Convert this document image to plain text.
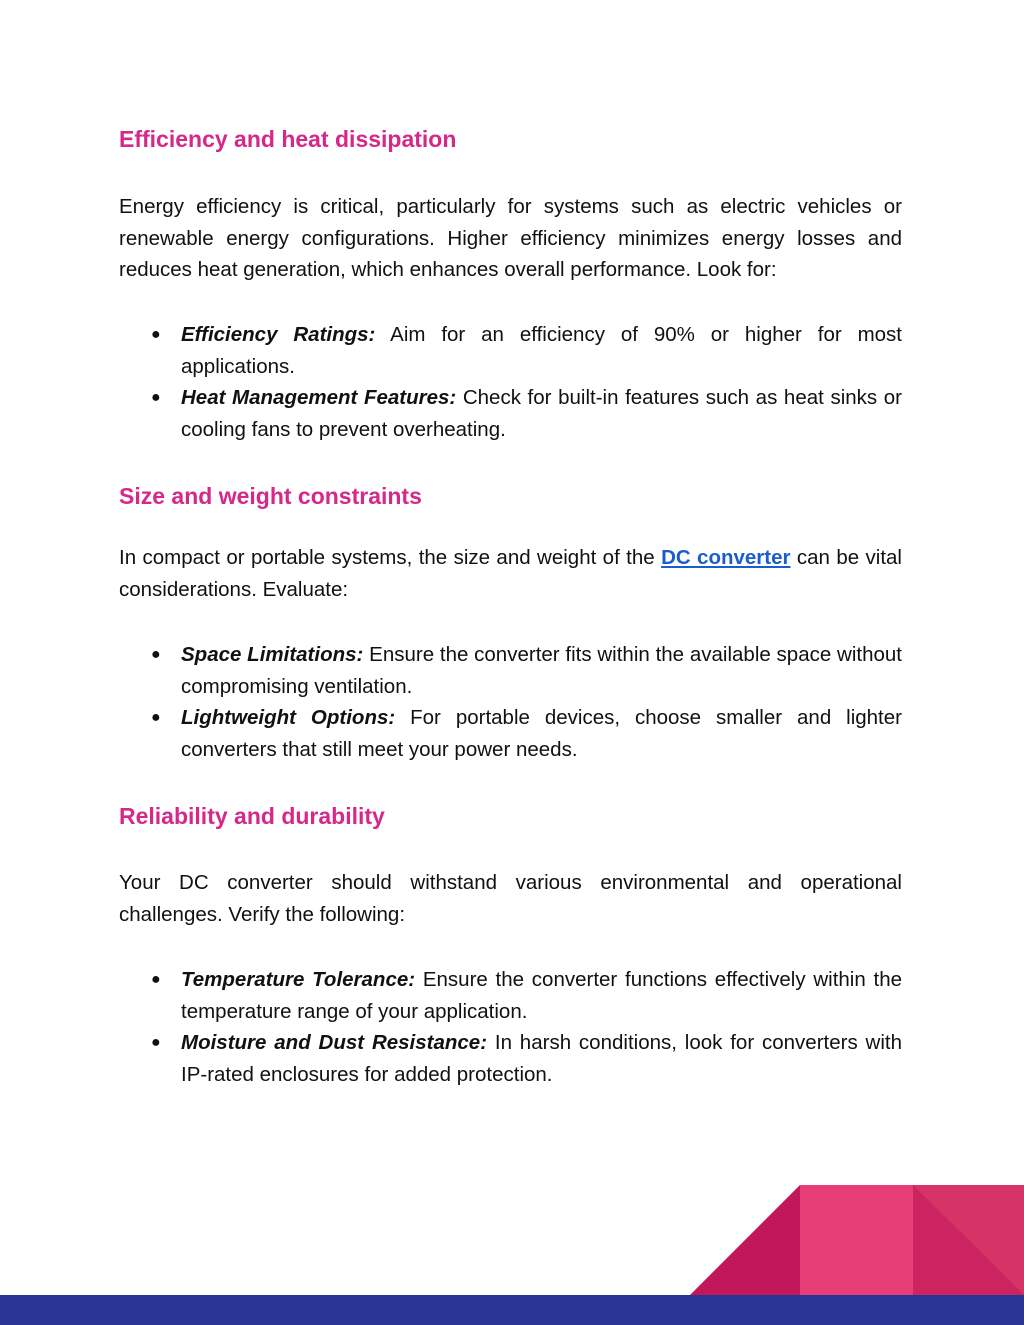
Efficiency and heat dissipation

Energy efficiency is critical, particularly for systems such as electric vehicles or renewable energy configurations. Higher efficiency minimizes energy losses and reduces heat generation, which enhances overall performance. Look for:

● Efficiency Ratings: Aim for an efficiency of 90% or higher for most applications.
● Heat Management Features: Check for built-in features such as heat sinks or cooling fans to prevent overheating.
Size and weight constraints

In compact or portable systems, the size and weight of the DC converter can be vital considerations. Evaluate:

● Space Limitations: Ensure the converter fits within the available space without compromising ventilation.
● Lightweight Options: For portable devices, choose smaller and lighter converters that still meet your power needs.
Reliability and durability

Your DC converter should withstand various environmental and operational challenges. Verify the following:

● Temperature Tolerance: Ensure the converter functions effectively within the temperature range of your application.
● Moisture and Dust Resistance: In harsh conditions, look for converters with IP-rated enclosures for added protection.
